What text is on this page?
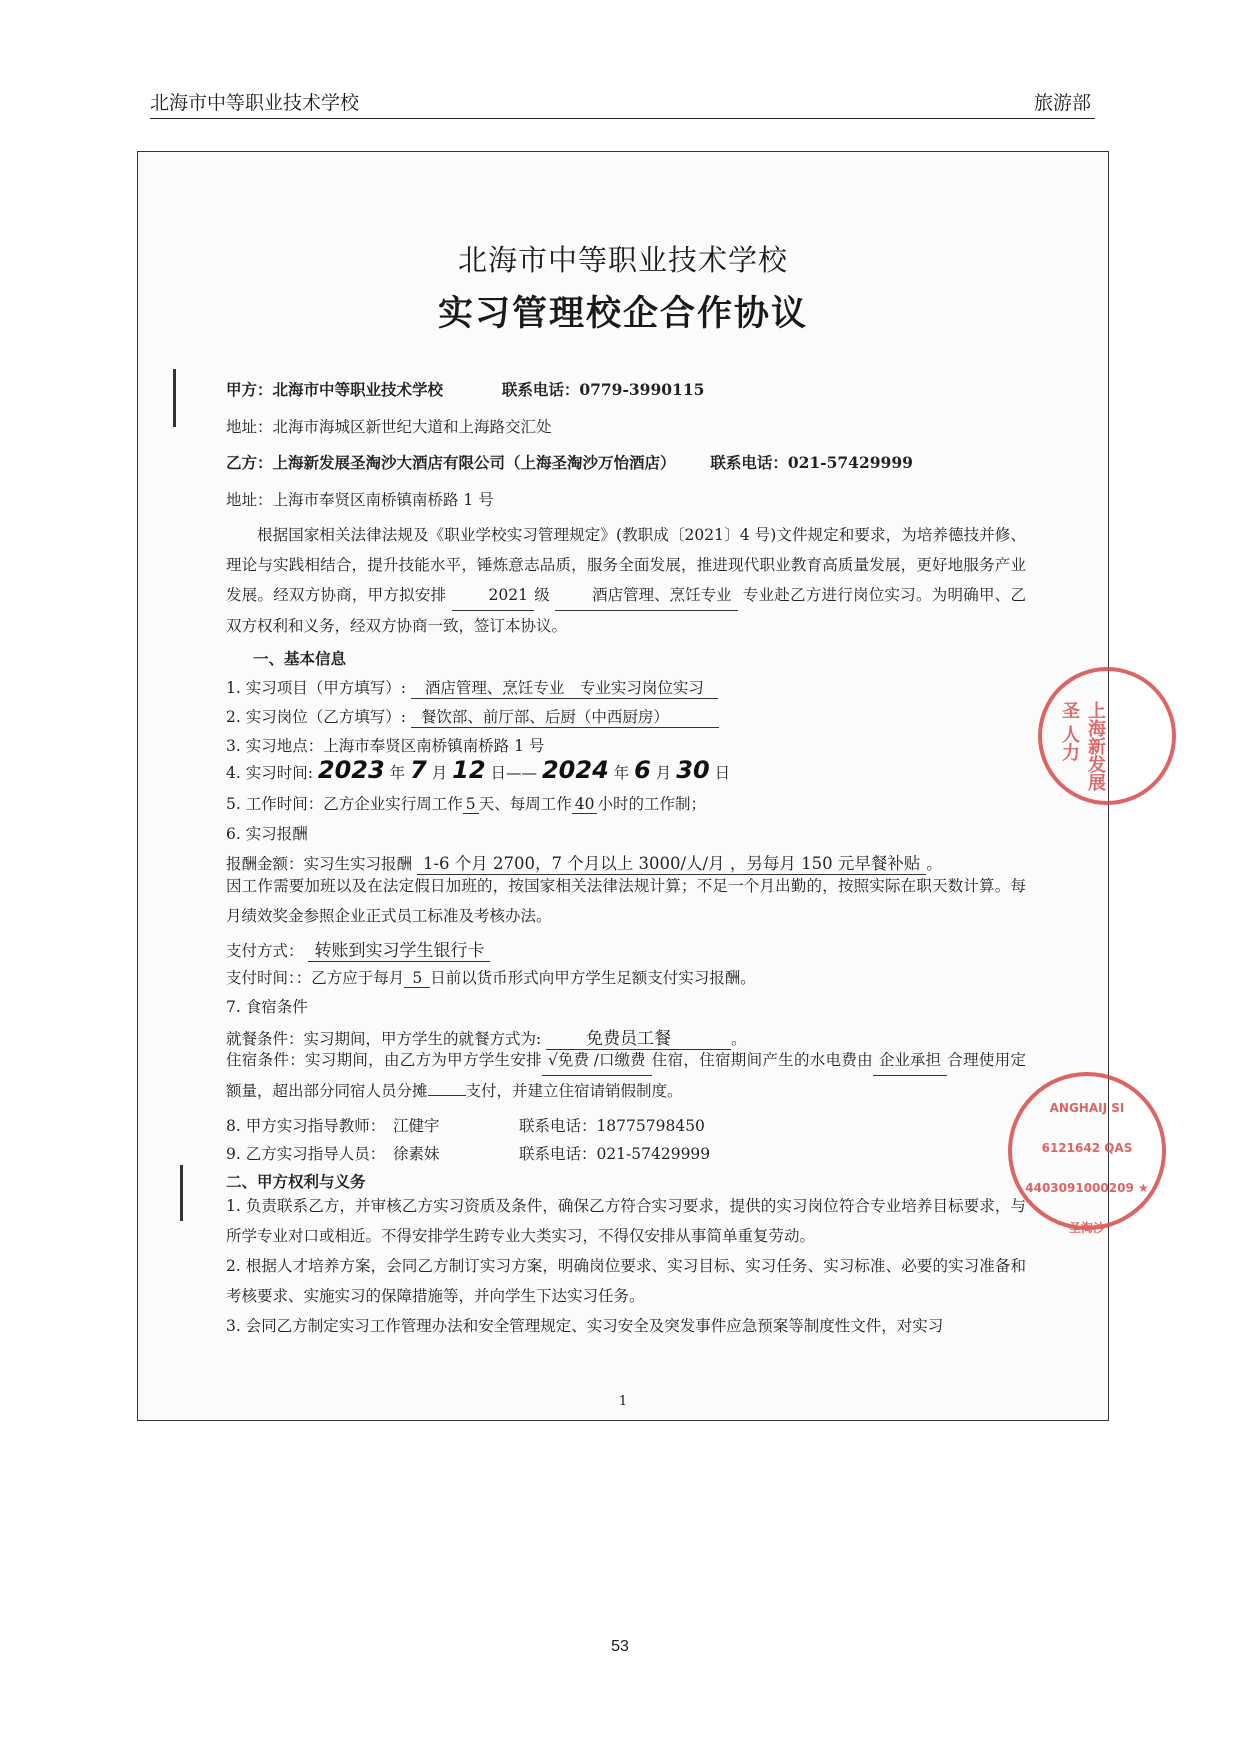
北海市中等职业技术学校	旅游部
北海市中等职业技术学校
实习管理校企合作协议
甲方：北海市中等职业技术学校	联系电话：0779-3990115
地址：北海市海城区新世纪大道和上海路交汇处
乙方：上海新发展圣淘沙大酒店有限公司（上海圣淘沙万怡酒店） 联系电话：021-57429999
地址：上海市奉贤区南桥镇南桥路 1 号
根据国家相关法律法规及《职业学校实习管理规定》(教职成〔2021〕4 号)文件规定和要求，为培养德技并修、理论与实践相结合，提升技能水平，锤炼意志品质，服务全面发展，推进现代职业教育高质量发展，更好地服务产业发展。经双方协商，甲方拟安排	2021 级	酒店管理、烹饪专业 专业赴乙方进行岗位实习。为明确甲、乙双方权利和义务，经双方协商一致，签订本协议。
一、基本信息
1. 实习项目（甲方填写）: 酒店管理、烹饪专业　专业实习岗位实习
2. 实习岗位（乙方填写）: 餐饮部、前厅部、后厨（中西厨房）
3. 实习地点：上海市奉贤区南桥镇南桥路 1 号
4. 实习时间: 2023 年 7 月 12 日—— 2024 年 6 月 30 日
5. 工作时间：乙方企业实行周工作 5 天、每周工作 40 小时的工作制；
6. 实习报酬
报酬金额：实习生实习报酬 1-6 个月 2700，7 个月以上 3000/人/月 ，另每月 150 元早餐补贴 。
因工作需要加班以及在法定假日加班的，按国家相关法律法规计算；不足一个月出勤的，按照实际在职天数计算。每月绩效奖金参照企业正式员工标准及考核办法。
支付方式： 转账到实习学生银行卡
支付时间：：乙方应于每月 5 日前以货币形式向甲方学生足额支付实习报酬。
7. 食宿条件
就餐条件：实习期间，甲方学生的就餐方式为:	免费员工餐	。
住宿条件：实习期间，由乙方为甲方学生安排 √免费 /口缴费 住宿，住宿期间产生的水电费由 企业承担 合理使用定额量，超出部分同宿人员分摊 支付，并建立住宿请销假制度。
8. 甲方实习指导教师：　江健宇	联系电话：18775798450
9. 乙方实习指导人员：　徐素妹	联系电话：021-57429999
二、甲方权利与义务
1. 负责联系乙方，并审核乙方实习资质及条件，确保乙方符合实习要求，提供的实习岗位符合专业培养目标要求，与所学专业对口或相近。不得安排学生跨专业大类实习，不得仅安排从事简单重复劳动。
2. 根据人才培养方案，会同乙方制订实习方案，明确岗位要求、实习目标、实习任务、实习标准、必要的实习准备和考核要求、实施实习的保障措施等，并向学生下达实习任务。
3. 会同乙方制定实习工作管理办法和安全管理规定、实习安全及突发事件应急预案等制度性文件，对实习
1
上海新发展圣 人力
ANGHAIJ SI 6121642 QAS 4403091000209 ★ 圣淘沙
53
